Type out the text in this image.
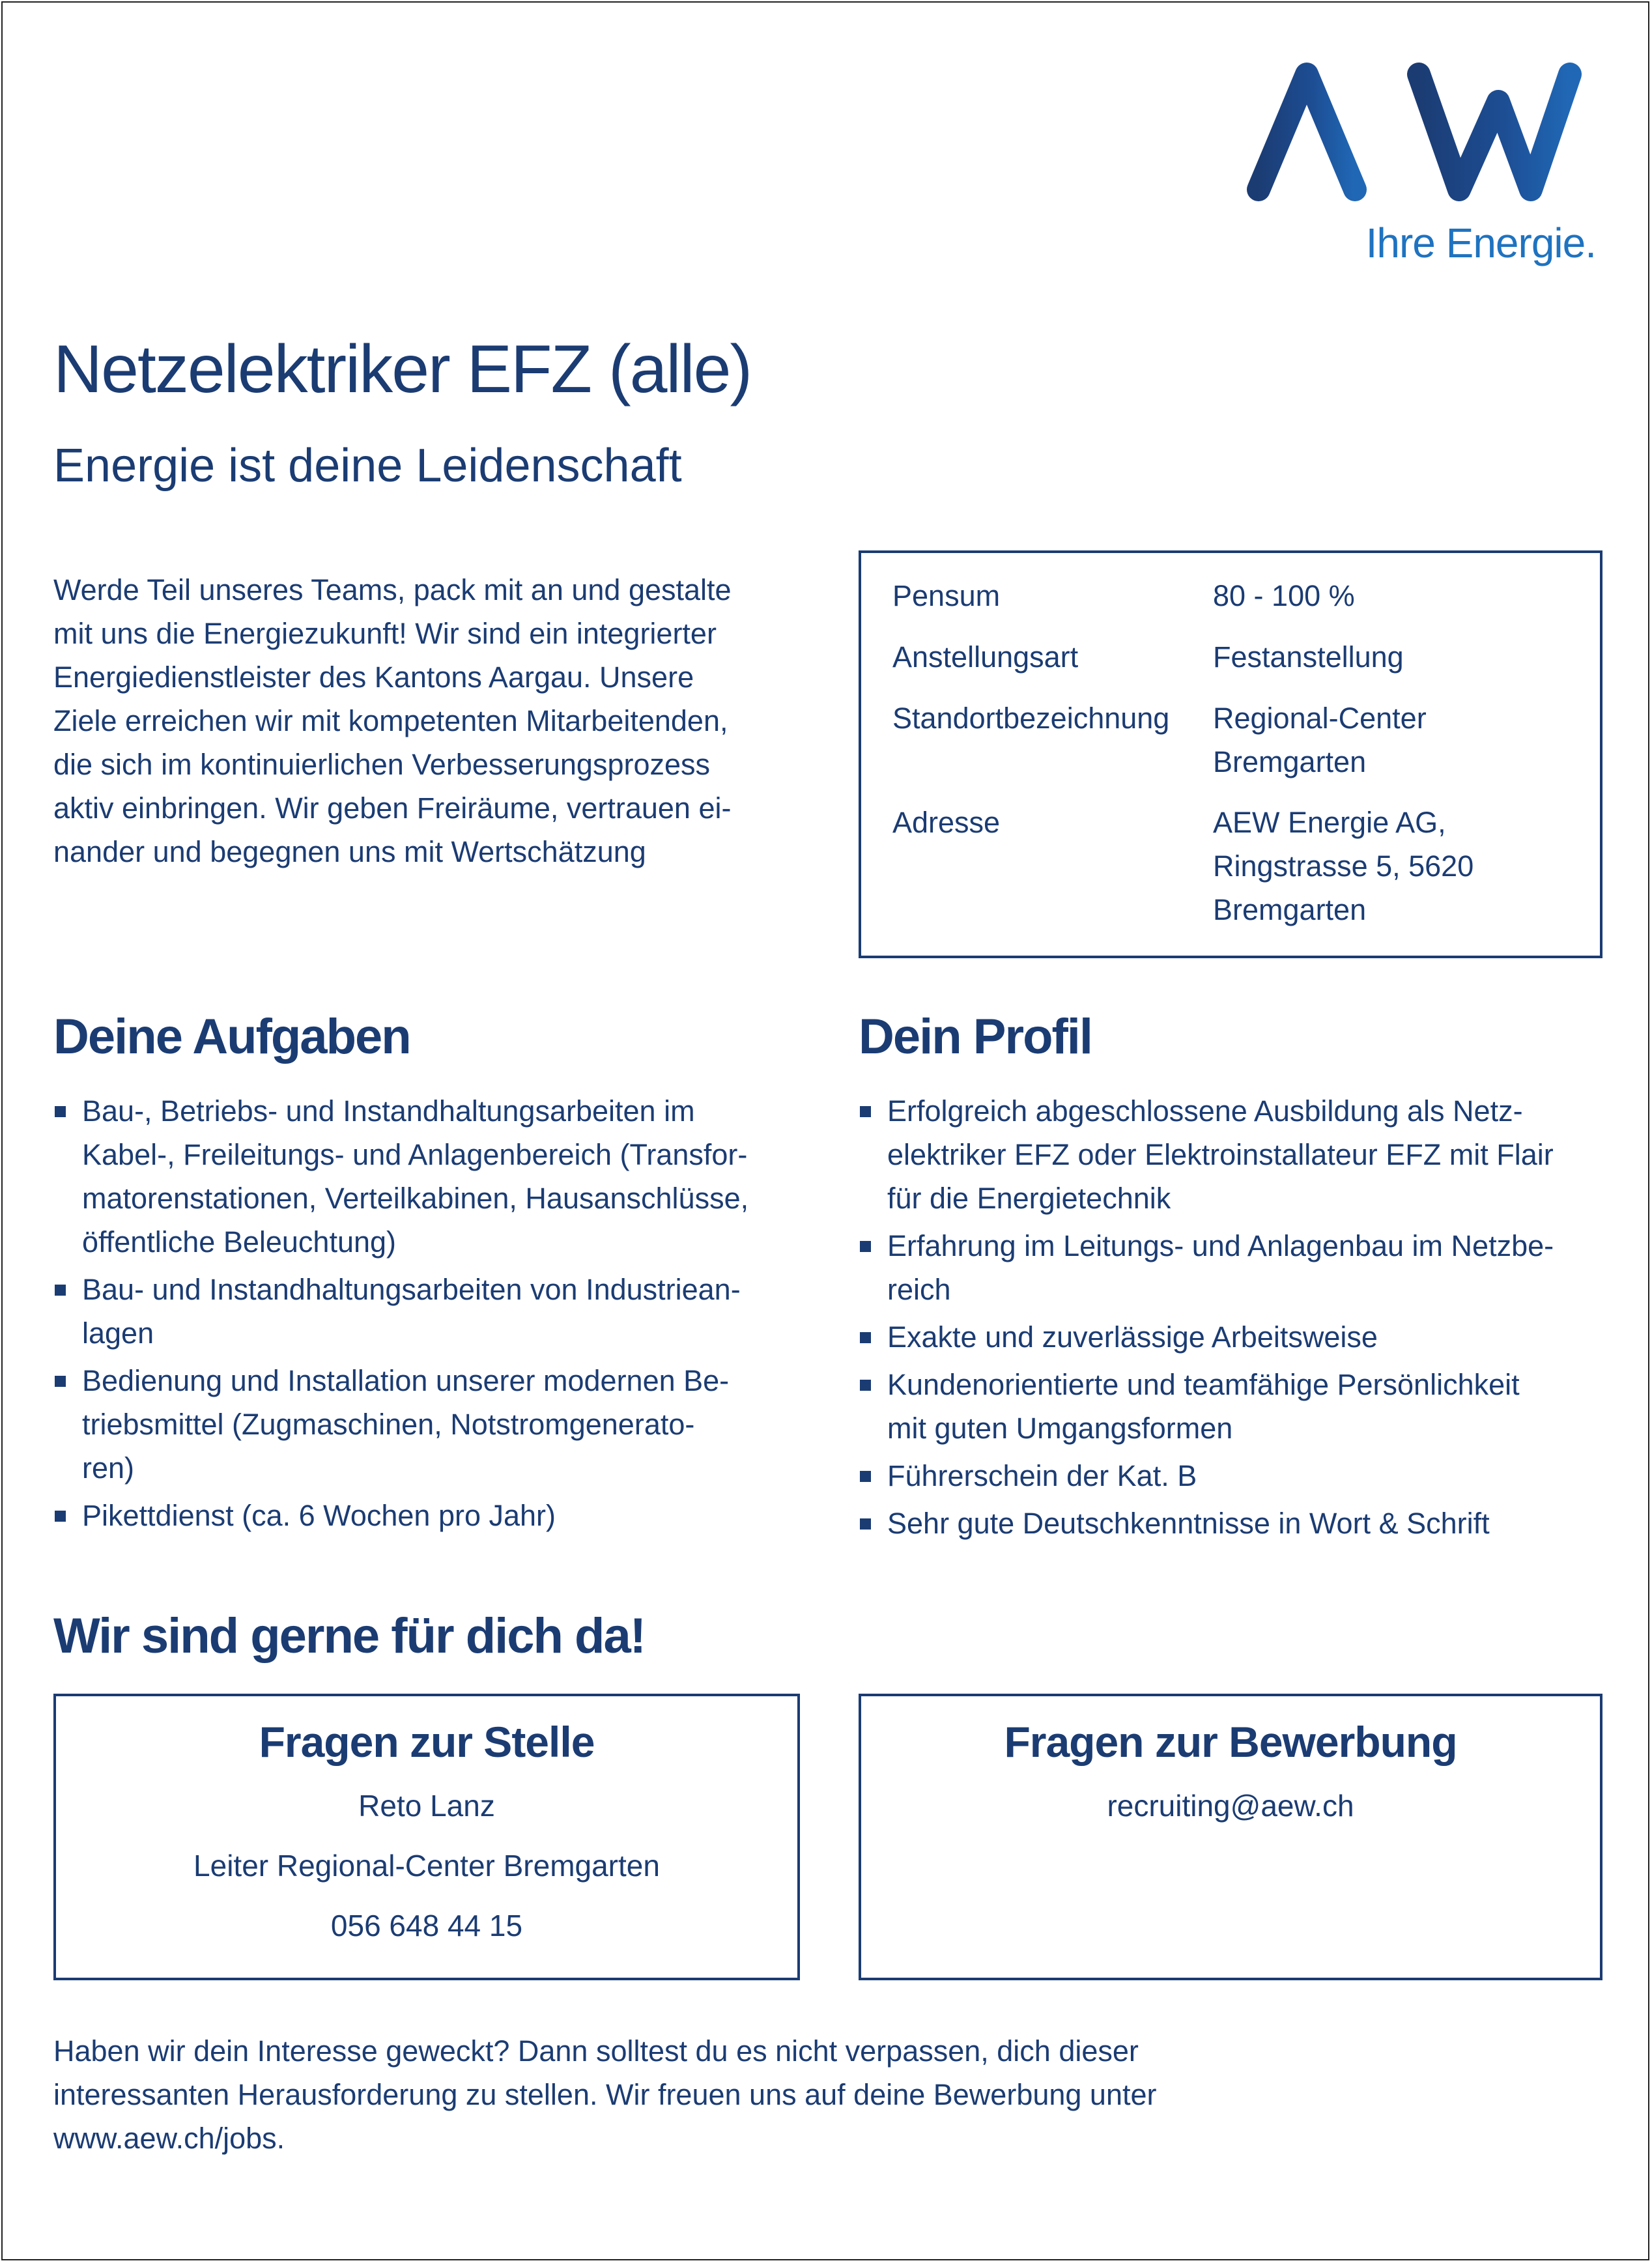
Ihre Energie.
Netzelektriker EFZ (alle)
Energie ist deine Leidenschaft
Werde Teil unseres Teams, pack mit an und gestalte
mit uns die Energiezukunft! Wir sind ein integrierter
Energiedienstleister des Kantons Aargau. Unsere
Ziele erreichen wir mit kompetenten Mitarbeitenden,
die sich im kontinuierlichen Verbesserungsprozess
aktiv einbringen. Wir geben Freiräume, vertrauen ei-
nander und begegnen uns mit Wertschätzung
Pensum	80 - 100 %
Anstellungsart	Festanstellung
Standortbezeichnung	Regional-Center
Bremgarten
Adresse	AEW Energie AG,
Ringstrasse 5, 5620
Bremgarten
Deine Aufgaben
Bau-, Betriebs- und Instandhaltungsarbeiten im
Kabel-, Freileitungs- und Anlagenbereich (Transfor-
matorenstationen, Verteilkabinen, Hausanschlüsse,
öffentliche Beleuchtung)
Bau- und Instandhaltungsarbeiten von Industriean-
lagen
Bedienung und Installation unserer modernen Be-
triebsmittel (Zugmaschinen, Notstromgenerato-
ren)
Pikettdienst (ca. 6 Wochen pro Jahr)
Dein Profil
Erfolgreich abgeschlossene Ausbildung als Netz-
elektriker EFZ oder Elektroinstallateur EFZ mit Flair
für die Energietechnik
Erfahrung im Leitungs- und Anlagenbau im Netzbe-
reich
Exakte und zuverlässige Arbeitsweise
Kundenorientierte und teamfähige Persönlichkeit
mit guten Umgangsformen
Führerschein der Kat. B
Sehr gute Deutschkenntnisse in Wort & Schrift
Wir sind gerne für dich da!
Fragen zur Stelle
Reto Lanz
Leiter Regional-Center Bremgarten
056 648 44 15
Fragen zur Bewerbung
recruiting@aew.ch
Haben wir dein Interesse geweckt? Dann solltest du es nicht verpassen, dich dieser
interessanten Herausforderung zu stellen. Wir freuen uns auf deine Bewerbung unter
www.aew.ch/jobs.
